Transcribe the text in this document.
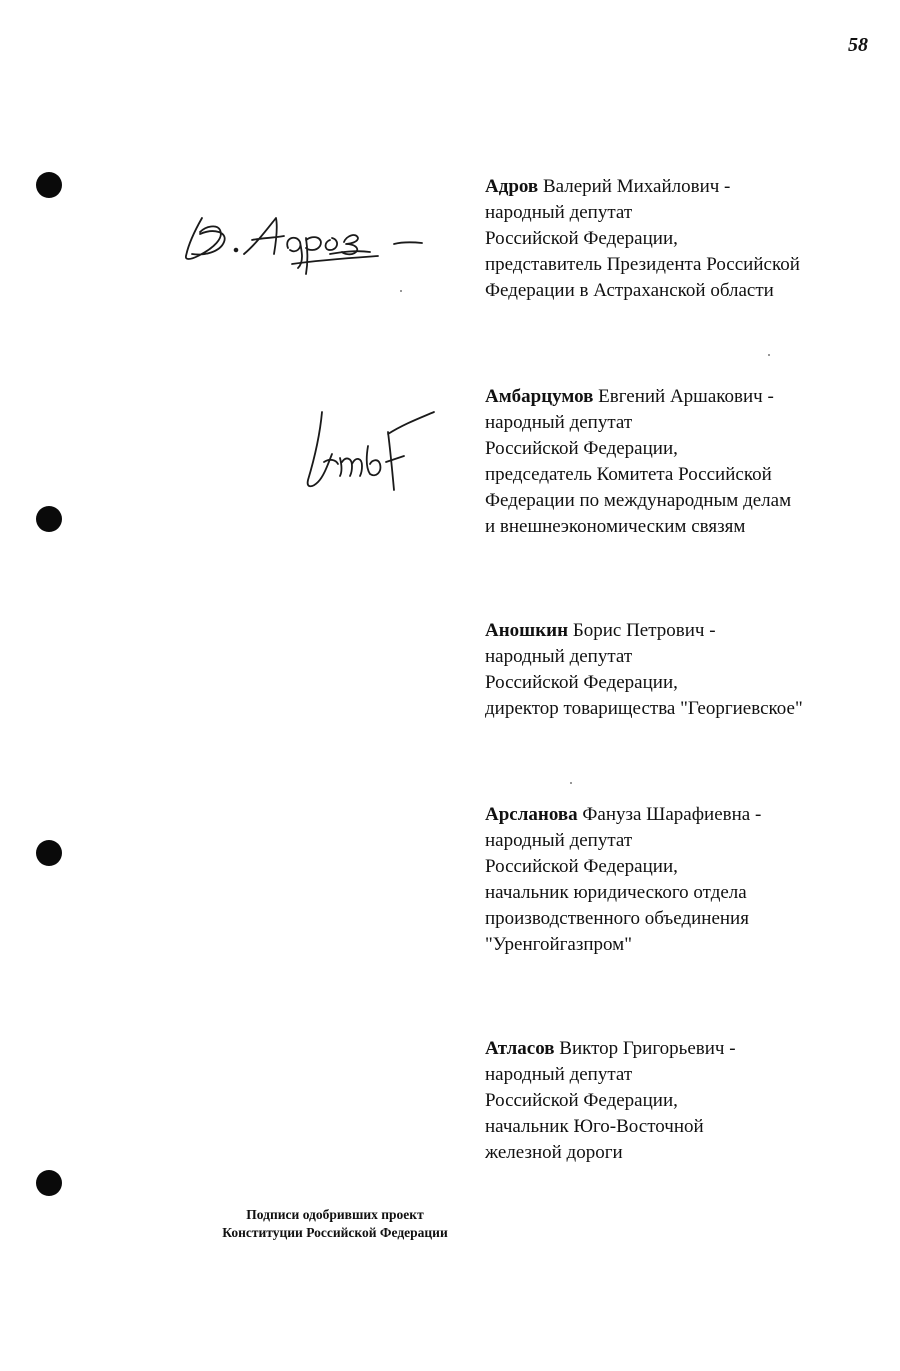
58
Адров Валерий Михайлович -
народный депутат
Российской Федерации,
представитель Президента Российской
Федерации в Астраханской области
Амбарцумов Евгений Аршакович -
народный депутат
Российской Федерации,
председатель Комитета Российской
Федерации по международным делам
и внешнеэкономическим связям
Аношкин Борис Петрович -
народный депутат
Российской Федерации,
директор товарищества "Георгиевское"
Арсланова Фануза Шарафиевна -
народный депутат
Российской Федерации,
начальник юридического отдела
производственного объединения
"Уренгойгазпром"
Атласов Виктор Григорьевич -
народный депутат
Российской Федерации,
начальник Юго-Восточной
железной дороги
Подписи одобривших проект
Конституции Российской Федерации
